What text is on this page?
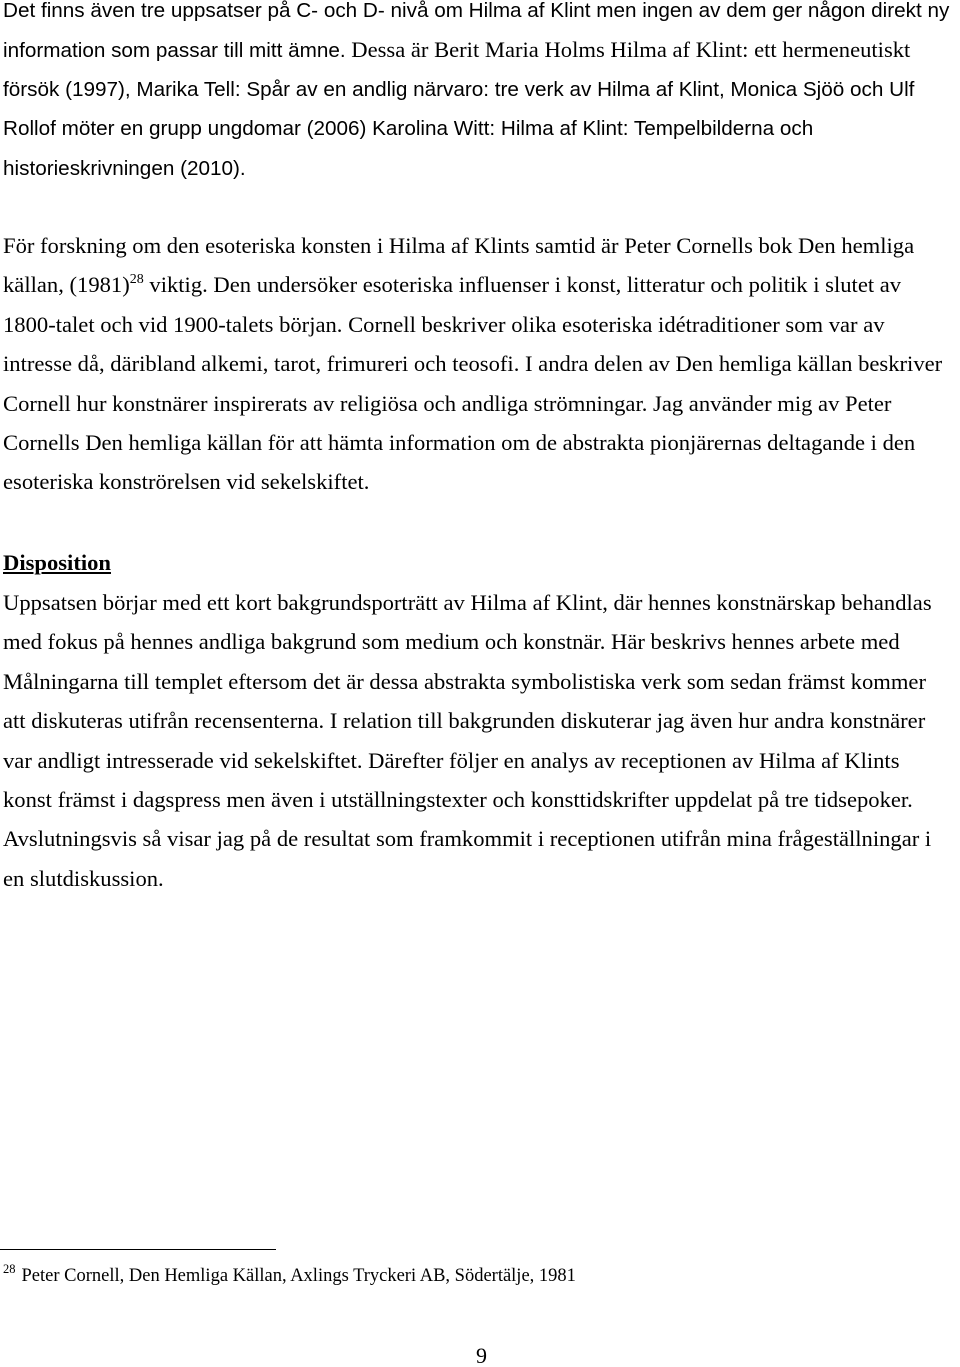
Det finns även tre uppsatser på C- och D- nivå om Hilma af Klint men ingen av dem ger någon direkt ny
information som passar till mitt ämne. Dessa är Berit Maria Holms Hilma af Klint: ett hermeneutiskt
försök (1997), Marika Tell: Spår av en andlig närvaro: tre verk av Hilma af Klint, Monica Sjöö och Ulf
Rollof möter en grupp ungdomar (2006) Karolina Witt: Hilma af Klint: Tempelbilderna och
historieskrivningen (2010).
För forskning om den esoteriska konsten i Hilma af Klints samtid är Peter Cornells bok Den hemliga
källan, (1981)$^{28}$ viktig. Den undersöker esoteriska influenser i konst, litteratur och politik i slutet av
1800-talet och vid 1900-talets början. Cornell beskriver olika esoteriska idétraditioner som var av
intresse då, däribland alkemi, tarot, frimureri och teosofi. I andra delen av Den hemliga källan beskriver
Cornell hur konstnärer inspirerats av religiösa och andliga strömningar. Jag använder mig av Peter
Cornells Den hemliga källan för att hämta information om de abstrakta pionjärernas deltagande i den
esoteriska konströrelsen vid sekelskiftet.
Disposition
Uppsatsen börjar med ett kort bakgrundsporträtt av Hilma af Klint, där hennes konstnärskap behandlas
med fokus på hennes andliga bakgrund som medium och konstnär. Här beskrivs hennes arbete med
Målningarna till templet eftersom det är dessa abstrakta symbolistiska verk som sedan främst kommer
att diskuteras utifrån recensenterna. I relation till bakgrunden diskuterar jag även hur andra konstnärer
var andligt intresserade vid sekelskiftet. Därefter följer en analys av receptionen av Hilma af Klints
konst främst i dagspress men även i utställningstexter och konsttidskrifter uppdelat på tre tidsepoker.
Avslutningsvis så visar jag på de resultat som framkommit i receptionen utifrån mina frågeställningar i
en slutdiskussion.
$^{28}$ Peter Cornell, Den Hemliga Källan, Axlings Tryckeri AB, Södertälje, 1981
9
